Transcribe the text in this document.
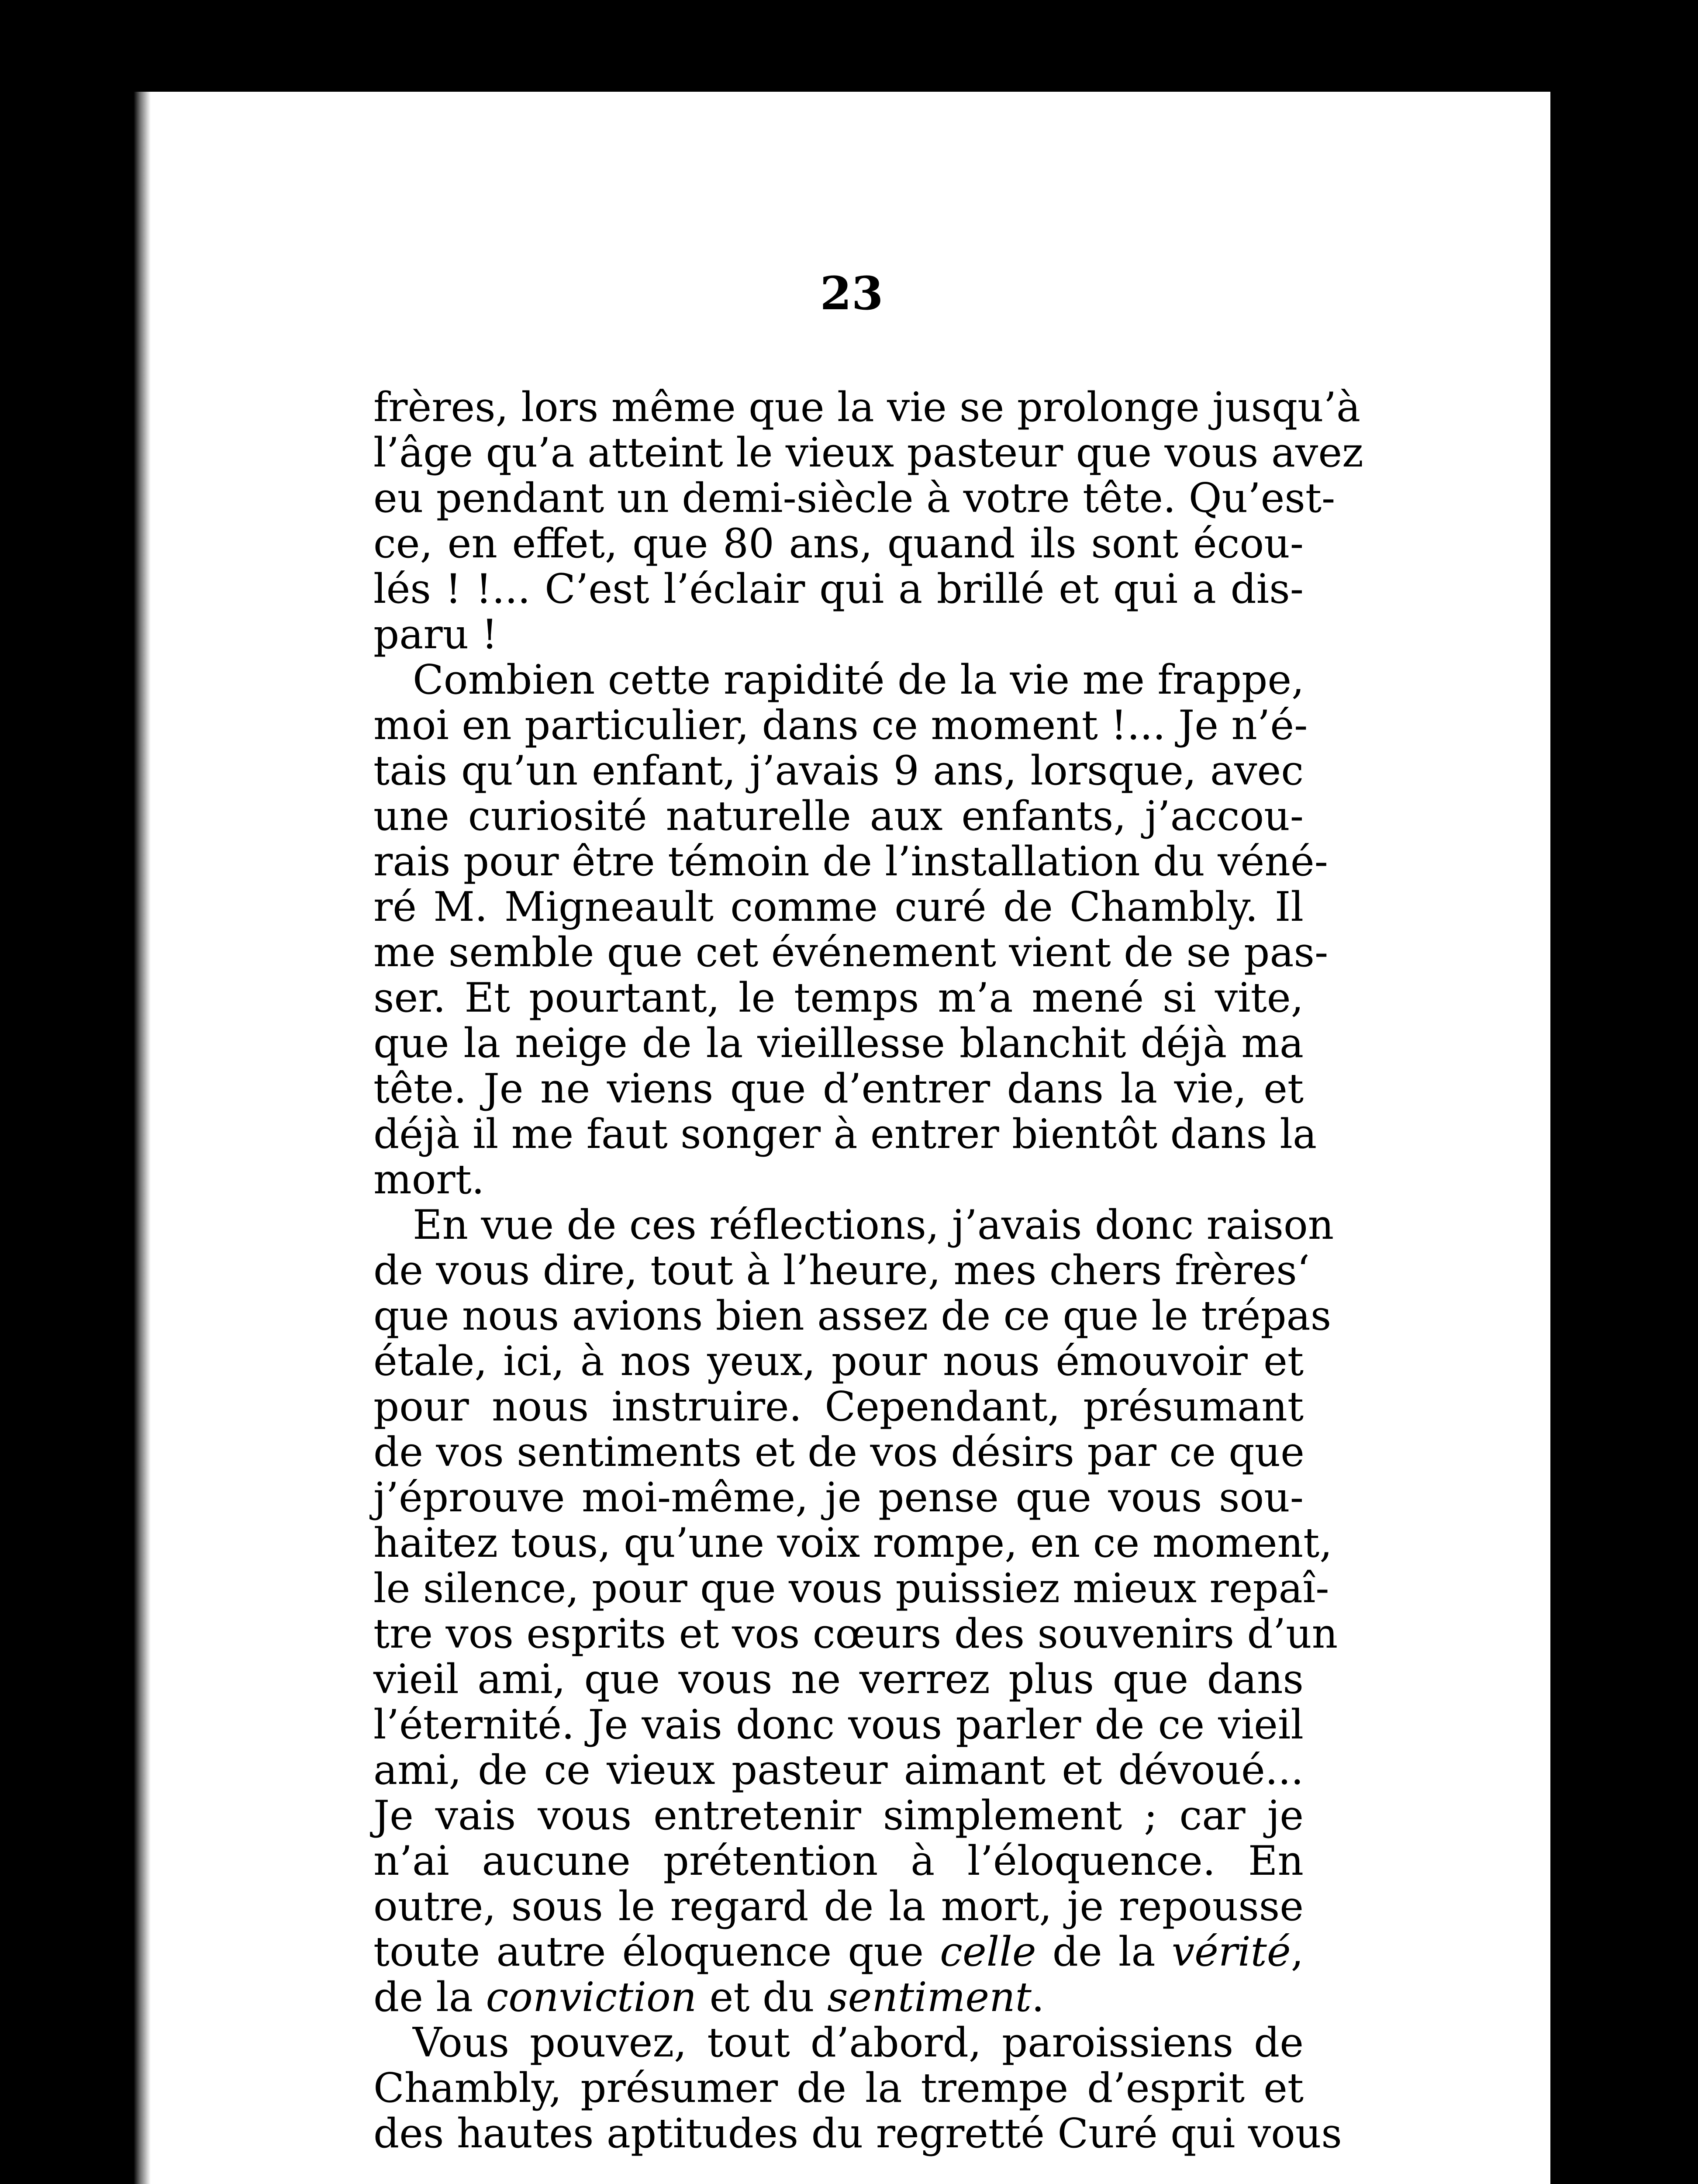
23
frères, lors même que la vie se prolonge jusqu’à
l’âge qu’a atteint le vieux pasteur que vous avez
eu pendant un demi-siècle à votre tête. Qu’est-
ce, en effet, que 80 ans, quand ils sont écou-
lés ! !... C’est l’éclair qui a brillé et qui a dis-
paru !
Combien cette rapidité de la vie me frappe,
moi en particulier, dans ce moment !... Je n’é-
tais qu’un enfant, j’avais 9 ans, lorsque, avec
une curiosité naturelle aux enfants, j’accou-
rais pour être témoin de l’installation du véné-
ré M. Migneault comme curé de Chambly. Il
me semble que cet événement vient de se pas-
ser. Et pourtant, le temps m’a mené si vite,
que la neige de la vieillesse blanchit déjà ma
tête. Je ne viens que d’entrer dans la vie, et
déjà il me faut songer à entrer bientôt dans la
mort.
En vue de ces réflections, j’avais donc raison
de vous dire, tout à l’heure, mes chers frères‘
que nous avions bien assez de ce que le trépas
étale, ici, à nos yeux, pour nous émouvoir et
pour nous instruire. Cependant, présumant
de vos sentiments et de vos désirs par ce que
j’éprouve moi-même, je pense que vous sou-
haitez tous, qu’une voix rompe, en ce moment,
le silence, pour que vous puissiez mieux repaî-
tre vos esprits et vos cœurs des souvenirs d’un
vieil ami, que vous ne verrez plus que dans
l’éternité. Je vais donc vous parler de ce vieil
ami, de ce vieux pasteur aimant et dévoué...
Je vais vous entretenir simplement ; car je
n’ai aucune prétention à l’éloquence. En
outre, sous le regard de la mort, je repousse
toute autre éloquence que celle de la vérité,
de la conviction et du sentiment.
Vous pouvez, tout d’abord, paroissiens de
Chambly, présumer de la trempe d’esprit et
des hautes aptitudes du regretté Curé qui vous
